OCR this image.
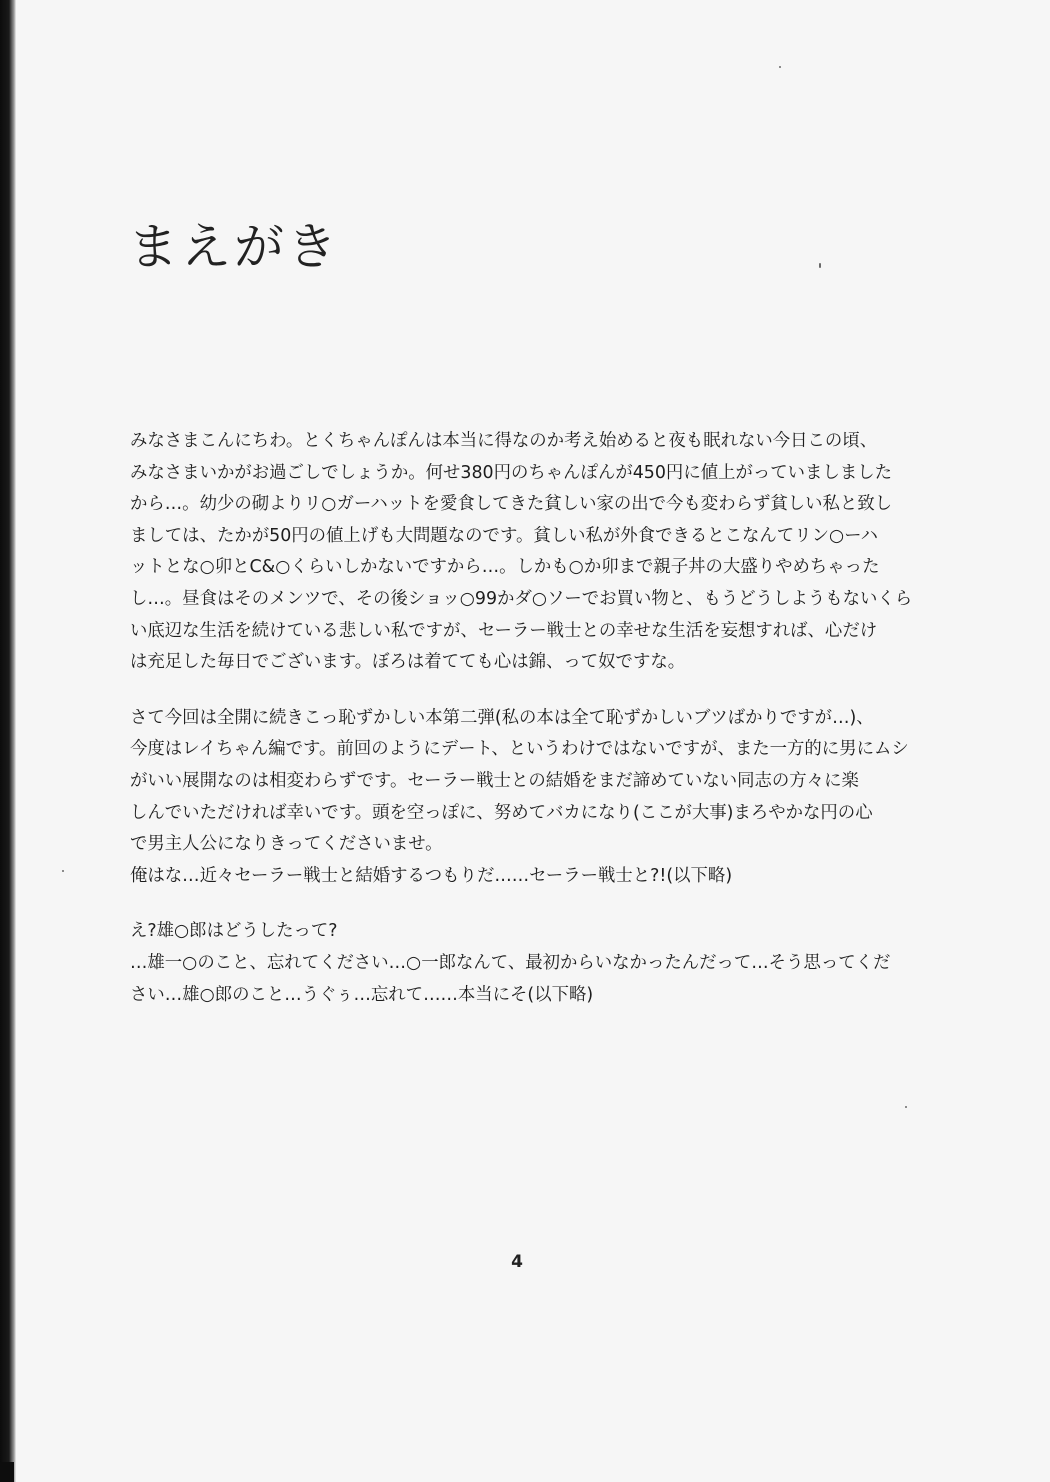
まえがき
みなさまこんにちわ。とくちゃんぽんは本当に得なのか考え始めると夜も眠れない今日この頃、
みなさまいかがお過ごしでしょうか。何せ380円のちゃんぽんが450円に値上がっていましました
から…。幼少の砌よりリ○ガーハットを愛食してきた貧しい家の出で今も変わらず貧しい私と致し
ましては、たかが50円の値上げも大問題なのです。貧しい私が外食できるとこなんてリン○ーハ
ットとな○卯とC&○くらいしかないですから…。しかも○か卯まで親子丼の大盛りやめちゃった
し…。昼食はそのメンツで、その後ショッ○99かダ○ソーでお買い物と、もうどうしようもないくら
い底辺な生活を続けている悲しい私ですが、セーラー戦士との幸せな生活を妄想すれば、心だけ
は充足した毎日でございます。ぼろは着てても心は錦、って奴ですな。
さて今回は全開に続きこっ恥ずかしい本第二弾(私の本は全て恥ずかしいブツばかりですが…)、
今度はレイちゃん編です。前回のようにデート、というわけではないですが、また一方的に男にムシ
がいい展開なのは相変わらずです。セーラー戦士との結婚をまだ諦めていない同志の方々に楽
しんでいただければ幸いです。頭を空っぽに、努めてバカになり(ここが大事)まろやかな円の心
で男主人公になりきってくださいませ。
俺はな…近々セーラー戦士と結婚するつもりだ……セーラー戦士と?!(以下略)
え?雄○郎はどうしたって?
…雄一○のこと、忘れてください…○一郎なんて、最初からいなかったんだって…そう思ってくだ
さい…雄○郎のこと…うぐぅ…忘れて……本当にそ(以下略)
4
